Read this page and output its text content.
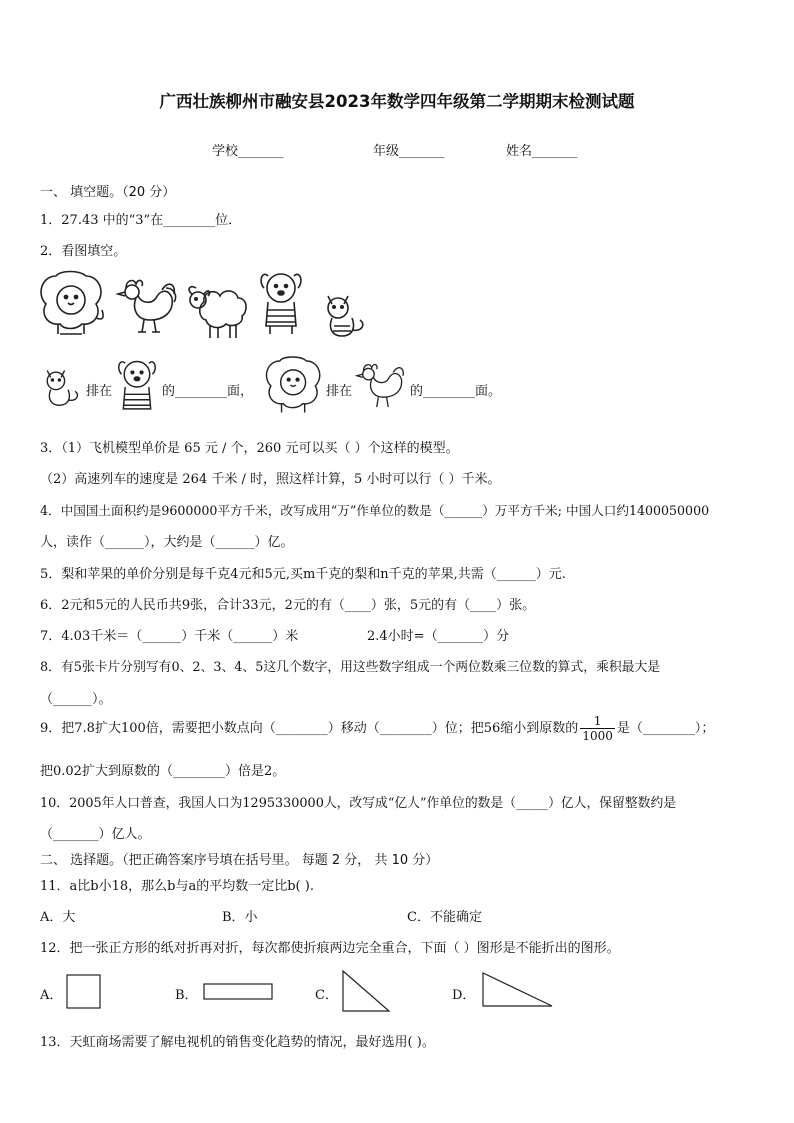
广西壮族柳州市融安县2023年数学四年级第二学期期末检测试题
学校_______	年级_______	姓名_______
一、 填空题。（20 分）
1．27.43 中的“3”在________位．
2．看图填空。
排在	的________面，	排在	的________面。
3．（1）飞机模型单价是 65 元 / 个，260 元可以买（ ）个这样的模型。
（2）高速列车的速度是 264 千米 / 时，照这样计算，5 小时可以行（ ）千米。
4．中国国土面积约是9600000平方千米，改写成用“万”作单位的数是（______）万平方千米; 中国人口约1400050000
人，读作（______），大约是（______）亿。
5．梨和苹果的单价分别是每千克4元和5元,买m千克的梨和n千克的苹果,共需（______）元.
6．2元和5元的人民币共9张，合计33元，2元的有（____）张，5元的有（____）张。
7．4.03千米＝（______）千米（______）米	2.4小时=（_______）分
8．有5张卡片分别写有0、2、3、4、5这几个数字，用这些数字组成一个两位数乘三位数的算式，乘积最大是
（______）。
9．把7.8扩大100倍，需要把小数点向（________）移动（________）位；把56缩小到原数的 $\frac{1}{1000}$ 是（________）；
把0.02扩大到原数的（________）倍是2。
10．2005年人口普查，我国人口为1295330000人，改写成“亿人”作单位的数是（_____）亿人，保留整数约是
（_______）亿人。
二、 选择题。（把正确答案序号填在括号里。 每题 2 分， 共 10 分）
11．a比b小18，那么b与a的平均数一定比b( ).
A．大	B．小	C．不能确定
12．把一张正方形的纸对折再对折，每次都使折痕两边完全重合，下面（ ）图形是不能折出的图形。
A．	B．	C．	D．
13．天虹商场需要了解电视机的销售变化趋势的情况，最好选用( )。
